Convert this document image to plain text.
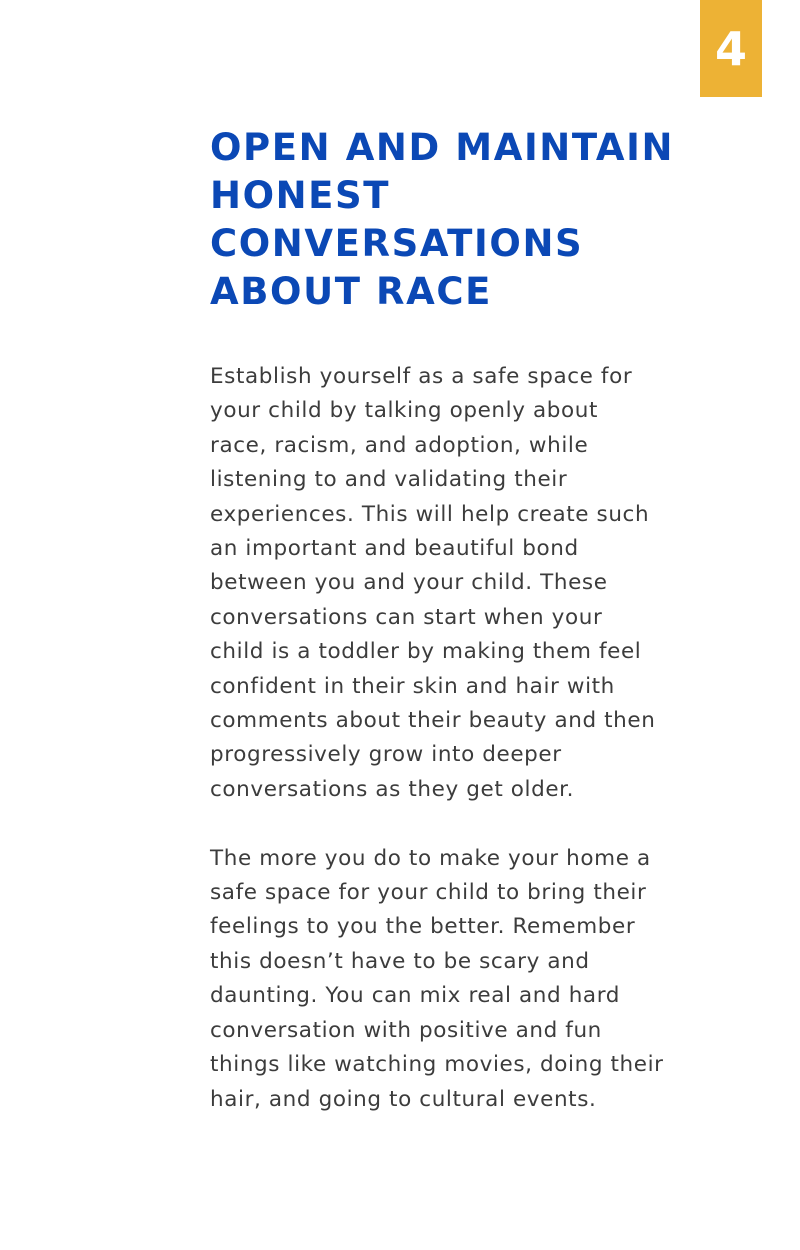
4
OPEN AND MAINTAIN
HONEST
CONVERSATIONS
ABOUT RACE

Establish yourself as a safe space for
your child by talking openly about
race, racism, and adoption, while
listening to and validating their
experiences. This will help create such
an important and beautiful bond
between you and your child. These
conversations can start when your
child is a toddler by making them feel
confident in their skin and hair with
comments about their beauty and then
progressively grow into deeper
conversations as they get older.

The more you do to make your home a
safe space for your child to bring their
feelings to you the better. Remember
this doesn’t have to be scary and
daunting. You can mix real and hard
conversation with positive and fun
things like watching movies, doing their
hair, and going to cultural events.
